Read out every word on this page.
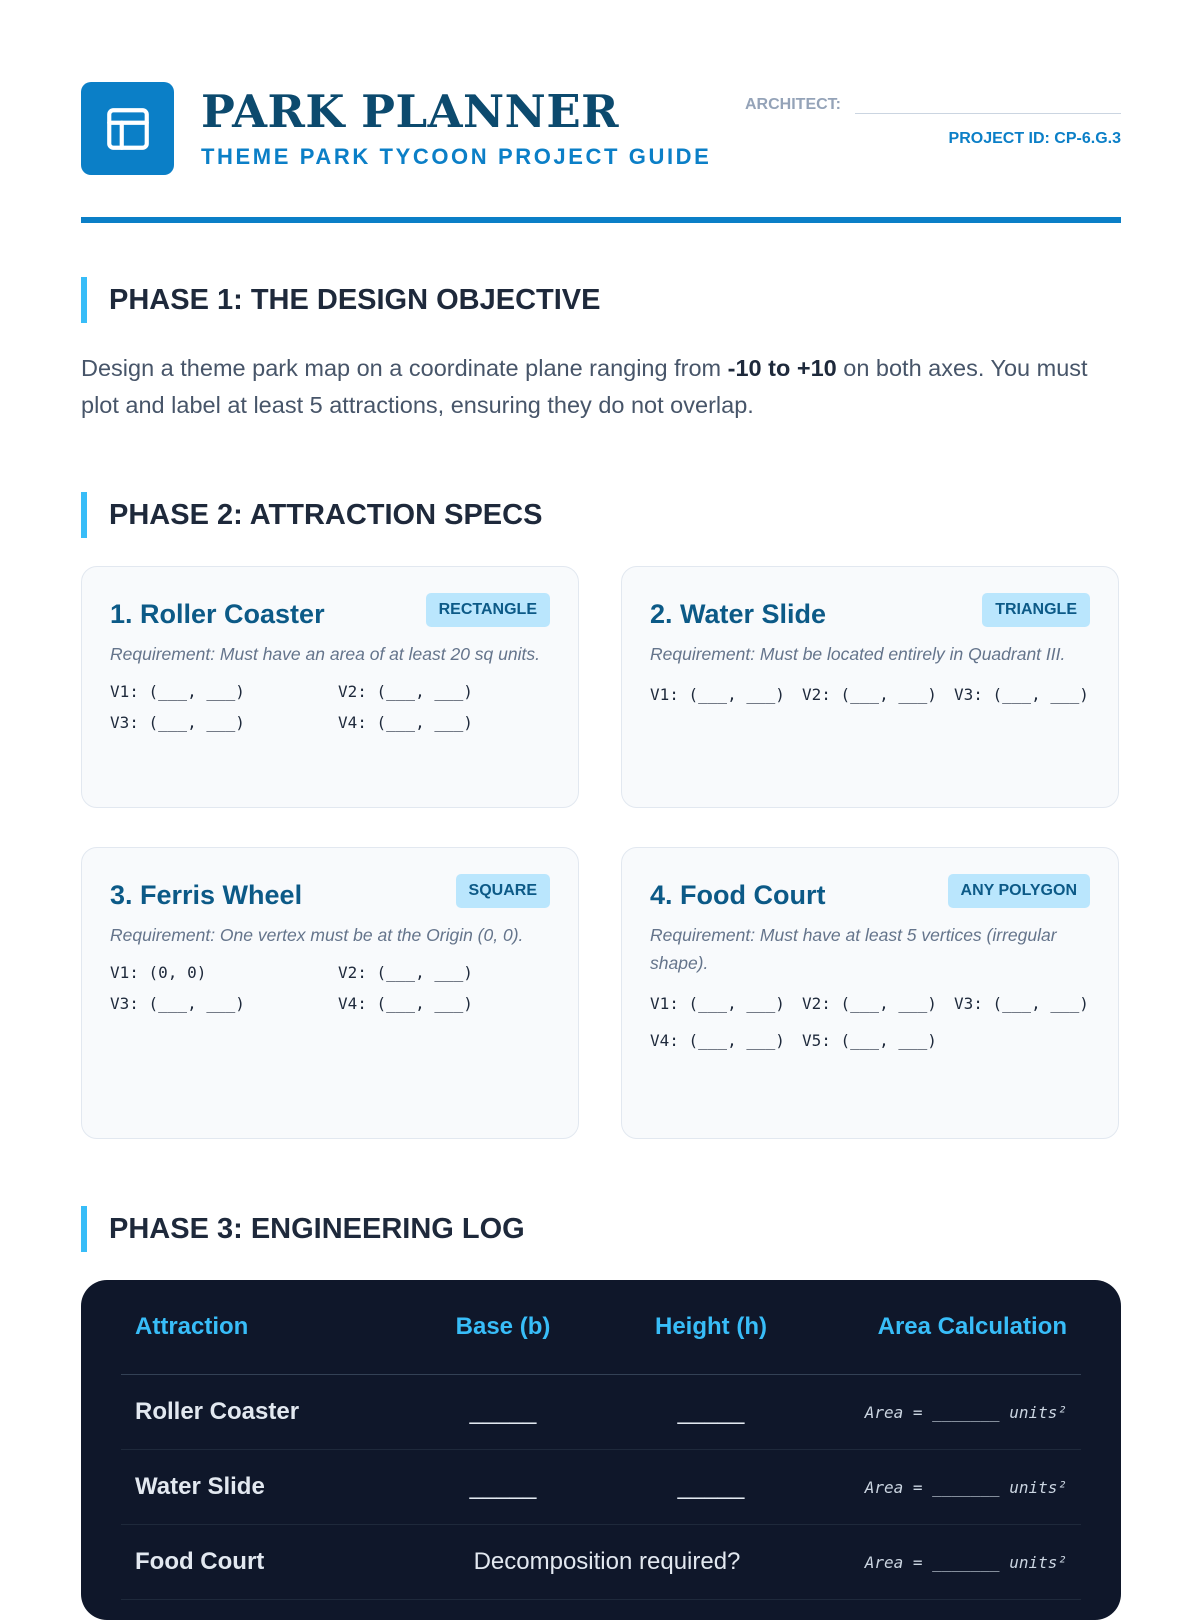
PARK PLANNER
THEME PARK TYCOON PROJECT GUIDE
ARCHITECT:
PROJECT ID: CP-6.G.3
PHASE 1: THE DESIGN OBJECTIVE
Design a theme park map on a coordinate plane ranging from -10 to +10 on both axes. You must plot and label at least 5 attractions, ensuring they do not overlap.
PHASE 2: ATTRACTION SPECS
1. Roller Coaster	RECTANGLE
Requirement: Must have an area of at least 20 sq units.
V1: (___, ___)	V2: (___, ___)
V3: (___, ___)	V4: (___, ___)
2. Water Slide	TRIANGLE
Requirement: Must be located entirely in Quadrant III.
V1: (___, ___)	V2: (___, ___)	V3: (___, ___)
3. Ferris Wheel	SQUARE
Requirement: One vertex must be at the Origin (0, 0).
V1: (0, 0)	V2: (___, ___)
V3: (___, ___)	V4: (___, ___)
4. Food Court	ANY POLYGON
Requirement: Must have at least 5 vertices (irregular shape).
V1: (___, ___)	V2: (___, ___)	V3: (___, ___)
V4: (___, ___)	V5: (___, ___)
PHASE 3: ENGINEERING LOG
Attraction	Base (b)	Height (h)	Area Calculation
Roller Coaster	_____	_____	Area = _______ units²
Water Slide	_____	_____	Area = _______ units²
Food Court	Decomposition required?		Area = _______ units²
